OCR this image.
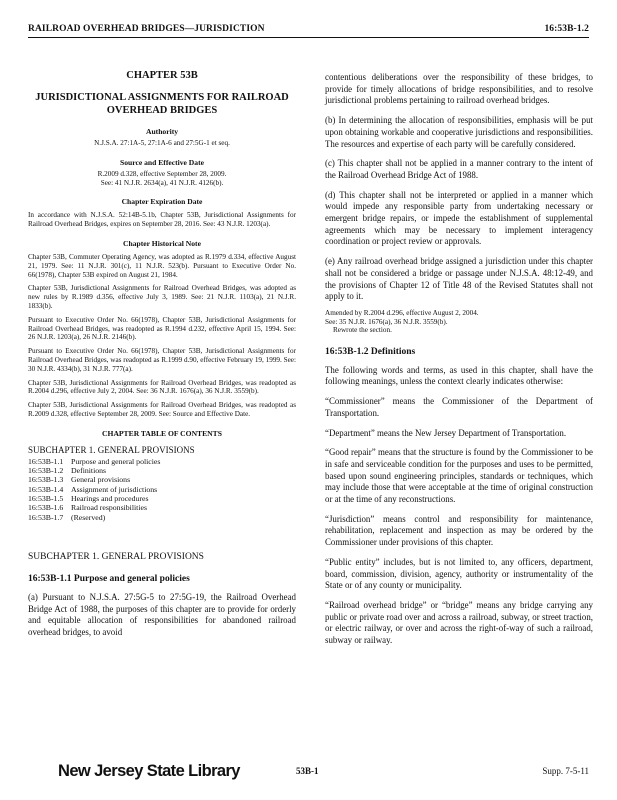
RAILROAD OVERHEAD BRIDGES—JURISDICTION	16:53B-1.2
CHAPTER 53B
JURISDICTIONAL ASSIGNMENTS FOR RAILROAD OVERHEAD BRIDGES
Authority
N.J.S.A. 27:1A-5, 27:1A-6 and 27:5G-1 et seq.
Source and Effective Date
R.2009 d.328, effective September 28, 2009.
See: 41 N.J.R. 2634(a), 41 N.J.R. 4126(b).
Chapter Expiration Date

In accordance with N.J.S.A. 52:14B-5.1b, Chapter 53B, Jurisdictional Assignments for Railroad Overhead Bridges, expires on September 28, 2016. See: 43 N.J.R. 1203(a).

Chapter Historical Note

Chapter 53B, Commuter Operating Agency, was adopted as R.1979 d.334, effective August 21, 1979. See: 11 N.J.R. 301(c), 11 N.J.R. 523(b). Pursuant to Executive Order No. 66(1978), Chapter 53B expired on August 21, 1984.

Chapter 53B, Jurisdictional Assignments for Railroad Overhead Bridges, was adopted as new rules by R.1989 d.356, effective July 3, 1989. See: 21 N.J.R. 1103(a), 21 N.J.R. 1833(b).

Pursuant to Executive Order No. 66(1978), Chapter 53B, Jurisdictional Assignments for Railroad Overhead Bridges, was readopted as R.1994 d.232, effective April 15, 1994. See: 26 N.J.R. 1203(a), 26 N.J.R. 2146(b).

Pursuant to Executive Order No. 66(1978), Chapter 53B, Jurisdictional Assignments for Railroad Overhead Bridges, was readopted as R.1999 d.90, effective February 19, 1999. See: 30 N.J.R. 4334(b), 31 N.J.R. 777(a).

Chapter 53B, Jurisdictional Assignments for Railroad Overhead Bridges, was readopted as R.2004 d.296, effective July 2, 2004. See: 36 N.J.R. 1676(a), 36 N.J.R. 3559(b).

Chapter 53B, Jurisdictional Assignments for Railroad Overhead Bridges, was readopted as R.2009 d.328, effective September 28, 2009. See: Source and Effective Date.

CHAPTER TABLE OF CONTENTS
SUBCHAPTER 1. GENERAL PROVISIONS
16:53B-1.1 Purpose and general policies
16:53B-1.2 Definitions
16:53B-1.3 General provisions
16:53B-1.4 Assignment of jurisdictions
16:53B-1.5 Hearings and procedures
16:53B-1.6 Railroad responsibilities
16:53B-1.7 (Reserved)
SUBCHAPTER 1. GENERAL PROVISIONS
16:53B-1.1 Purpose and general policies

(a) Pursuant to N.J.S.A. 27:5G-5 to 27:5G-19, the Railroad Overhead Bridge Act of 1988, the purposes of this chapter are to provide for orderly and equitable allocation of responsibilities for abandoned railroad overhead bridges, to avoid

contentious deliberations over the responsibility of these bridges, to provide for timely allocations of bridge responsibilities, and to resolve jurisdictional problems pertaining to railroad overhead bridges.

(b) In determining the allocation of responsibilities, emphasis will be put upon obtaining workable and cooperative jurisdictions and responsibilities. The resources and expertise of each party will be carefully considered.

(c) This chapter shall not be applied in a manner contrary to the intent of the Railroad Overhead Bridge Act of 1988.

(d) This chapter shall not be interpreted or applied in a manner which would impede any responsible party from undertaking necessary or emergent bridge repairs, or impede the establishment of supplemental agreements which may be necessary to implement interagency coordination or project review or approvals.

(e) Any railroad overhead bridge assigned a jurisdiction under this chapter shall not be considered a bridge or passage under N.J.S.A. 48:12-49, and the provisions of Chapter 12 of Title 48 of the Revised Statutes shall not apply to it.

Amended by R.2004 d.296, effective August 2, 2004.
See: 35 N.J.R. 1676(a), 36 N.J.R. 3559(b).
Rewrote the section.
16:53B-1.2 Definitions

The following words and terms, as used in this chapter, shall have the following meanings, unless the context clearly indicates otherwise:

“Commissioner” means the Commissioner of the Department of Transportation.

“Department” means the New Jersey Department of Transportation.

“Good repair” means that the structure is found by the Commissioner to be in safe and serviceable condition for the purposes and uses to be permitted, based upon sound engineering principles, standards or techniques, which may include those that were acceptable at the time of original construction or at the time of any reconstructions.

“Jurisdiction” means control and responsibility for maintenance, rehabilitation, replacement and inspection as may be ordered by the Commissioner under provisions of this chapter.

“Public entity” includes, but is not limited to, any officers, department, board, commission, division, agency, authority or instrumentality of the State or of any county or municipality.

“Railroad overhead bridge” or “bridge” means any bridge carrying any public or private road over and across a railroad, subway, or street traction, or electric railway, or over and across the right-of-way of such a railroad, subway or railway.

New Jersey State Library	53B-1	Supp. 7-5-11
